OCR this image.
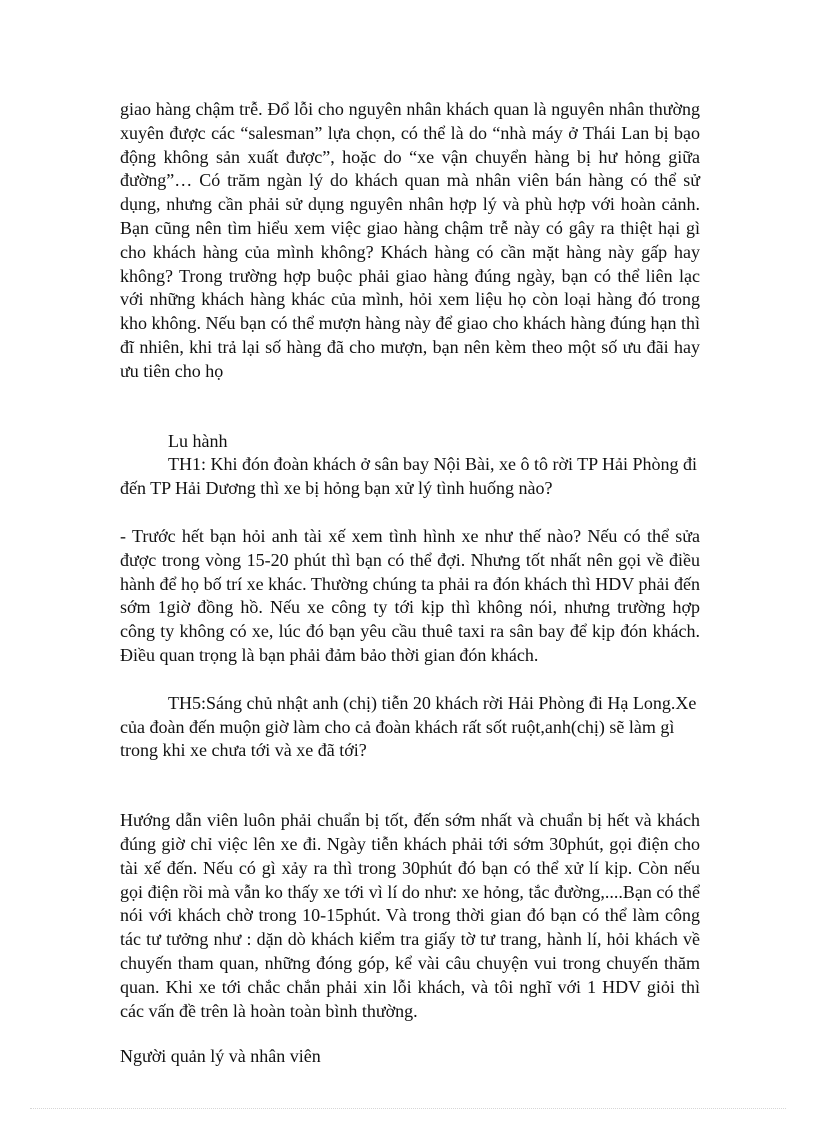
giao hàng chậm trễ. Đổ lỗi cho nguyên nhân khách quan là nguyên nhân thường xuyên được các “salesman” lựa chọn, có thể là do “nhà máy ở Thái Lan bị bạo động không sản xuất được”, hoặc do “xe vận chuyển hàng bị hư hỏng giữa đường”… Có trăm ngàn lý do khách quan mà nhân viên bán hàng có thể sử dụng, nhưng cần phải sử dụng nguyên nhân hợp lý và phù hợp với hoàn cảnh. Bạn cũng nên tìm hiểu xem việc giao hàng chậm trễ này có gây ra thiệt hại gì cho khách hàng của mình không? Khách hàng có cần mặt hàng này gấp hay không? Trong trường hợp buộc phải giao hàng đúng ngày, bạn có thể liên lạc với những khách hàng khác của mình, hỏi xem liệu họ còn loại hàng đó trong kho không. Nếu bạn có thể mượn hàng này để giao cho khách hàng đúng hạn thì đĩ nhiên, khi trả lại số hàng đã cho mượn, bạn nên kèm theo một số ưu đãi hay ưu tiên cho họ

Lu hành

TH1: Khi đón đoàn khách ở sân bay Nội Bài, xe ô tô rời TP Hải Phòng đi đến TP Hải Dương thì xe bị hỏng bạn xử lý tình huống nào?

- Trước hết bạn hỏi anh tài xế xem tình hình xe như thế nào? Nếu có thể sửa được trong vòng 15-20 phút thì bạn có thể đợi. Nhưng tốt nhất nên gọi về điều hành để họ bố trí xe khác. Thường chúng ta phải ra đón khách thì HDV phải đến sớm 1giờ đồng hồ. Nếu xe công ty tới kịp thì không nói, nhưng trường hợp công ty không có xe, lúc đó bạn yêu cầu thuê taxi ra sân bay để kịp đón khách. Điều quan trọng là bạn phải đảm bảo thời gian đón khách.

TH5:Sáng chủ nhật anh (chị) tiễn 20 khách rời Hải Phòng đi Hạ Long.Xe của đoàn đến muộn giờ làm cho cả đoàn khách rất sốt ruột,anh(chị) sẽ làm gì trong khi xe chưa tới và xe đã tới?

Hướng dẫn viên luôn phải chuẩn bị tốt, đến sớm nhất và chuẩn bị hết và khách đúng giờ chỉ việc lên xe đi. Ngày tiễn khách phải tới sớm 30phút, gọi điện cho tài xế đến. Nếu có gì xảy ra thì trong 30phút đó bạn có thể xử lí kịp. Còn nếu gọi điện rồi mà vẫn ko thấy xe tới vì lí do như: xe hỏng, tắc đường,....Bạn có thể nói với khách chờ trong 10-15phút. Và trong thời gian đó bạn có thể làm công tác tư tưởng như : dặn dò khách kiểm tra giấy tờ tư trang, hành lí, hỏi khách về chuyến tham quan, những đóng góp, kể vài câu chuyện vui trong chuyến thăm quan. Khi xe tới chắc chắn phải xin lỗi khách, và tôi nghĩ với 1 HDV giỏi thì các vấn đề trên là hoàn toàn bình thường.

Người quản lý và nhân viên
